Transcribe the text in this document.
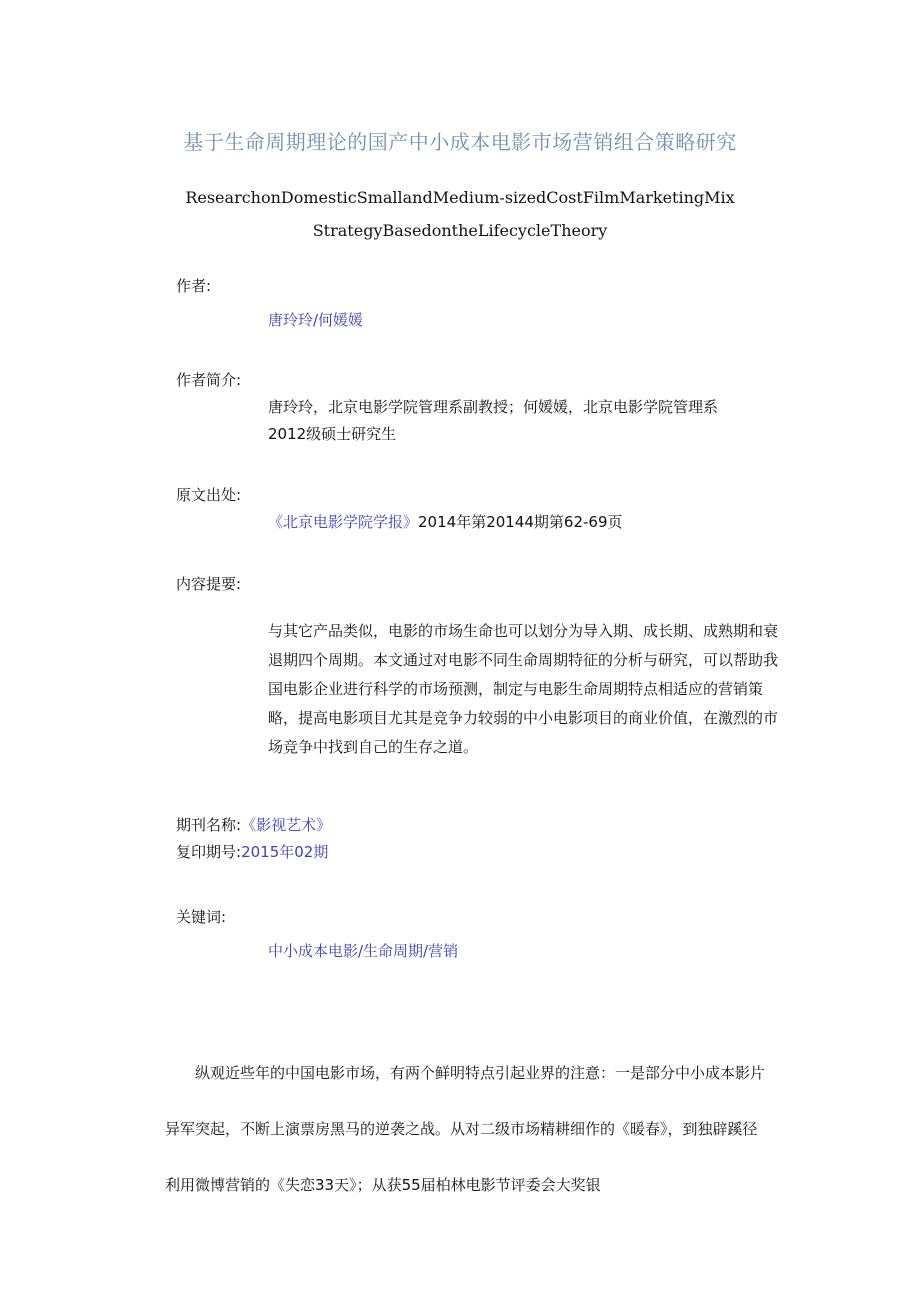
基于生命周期理论的国产中小成本电影市场营销组合策略研究
ResearchonDomesticSmallandMedium-sizedCostFilmMarketingMix
StrategyBasedontheLifecycleTheory
作者:
唐玲玲/何媛媛
作者简介:
唐玲玲，北京电影学院管理系副教授；何媛媛，北京电影学院管理系
2012级硕士研究生
原文出处:
《北京电影学院学报》2014年第20144期第62-69页
内容提要:
与其它产品类似，电影的市场生命也可以划分为导入期、成长期、成熟期和衰退期四个周期。本文通过对电影不同生命周期特征的分析与研究，可以帮助我国电影企业进行科学的市场预测，制定与电影生命周期特点相适应的营销策略，提高电影项目尤其是竞争力较弱的中小电影项目的商业价值，在激烈的市场竞争中找到自己的生存之道。
期刊名称:《影视艺术》
复印期号:2015年02期
关键词:
中小成本电影/生命周期/营销
纵观近些年的中国电影市场，有两个鲜明特点引起业界的注意：一是部分中小成本影片异军突起，不断上演票房黑马的逆袭之战。从对二级市场精耕细作的《暖春》，到独辟蹊径利用微博营销的《失恋33天》；从获55届柏林电影节评委会大奖银
